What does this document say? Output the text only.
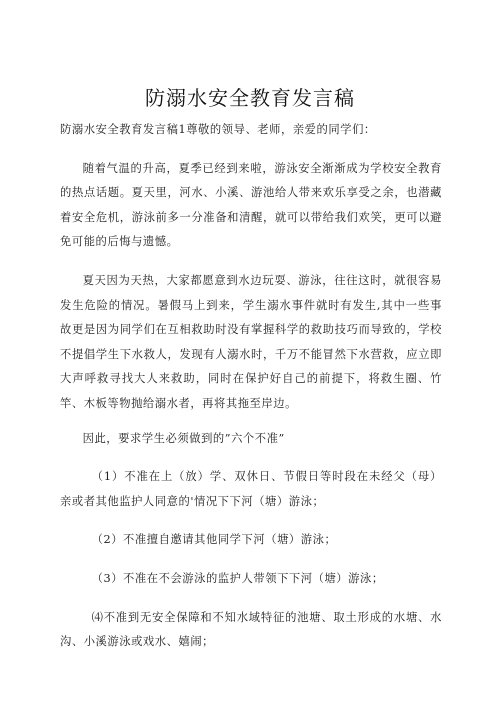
防溺水安全教育发言稿

防溺水安全教育发言稿1尊敬的领导、老师，亲爱的同学们：

随着气温的升高，夏季已经到来啦，游泳安全渐渐成为学校安全教育的热点话题。夏天里，河水、小溪、游池给人带来欢乐享受之余，也潜藏着安全危机，游泳前多一分准备和清醒，就可以带给我们欢笑，更可以避免可能的后悔与遗憾。

夏天因为天热，大家都愿意到水边玩耍、游泳，往往这时，就很容易发生危险的情况。暑假马上到来，学生溺水事件就时有发生,其中一些事故更是因为同学们在互相救助时没有掌握科学的救助技巧而导致的，学校不提倡学生下水救人，发现有人溺水时，千万不能冒然下水营救，应立即大声呼救寻找大人来救助，同时在保护好自己的前提下，将救生圈、竹竿、木板等物抛给溺水者，再将其拖至岸边。

因此，要求学生必须做到的”六个不准”

（1）不准在上（放）学、双休日、节假日等时段在未经父（母）亲或者其他监护人同意的'情况下下河（塘）游泳；

（2）不准擅自邀请其他同学下河（塘）游泳；

（3）不准在不会游泳的监护人带领下下河（塘）游泳；

⑷不准到无安全保障和不知水域特征的池塘、取土形成的水塘、水沟、小溪游泳或戏水、嬉闹；
